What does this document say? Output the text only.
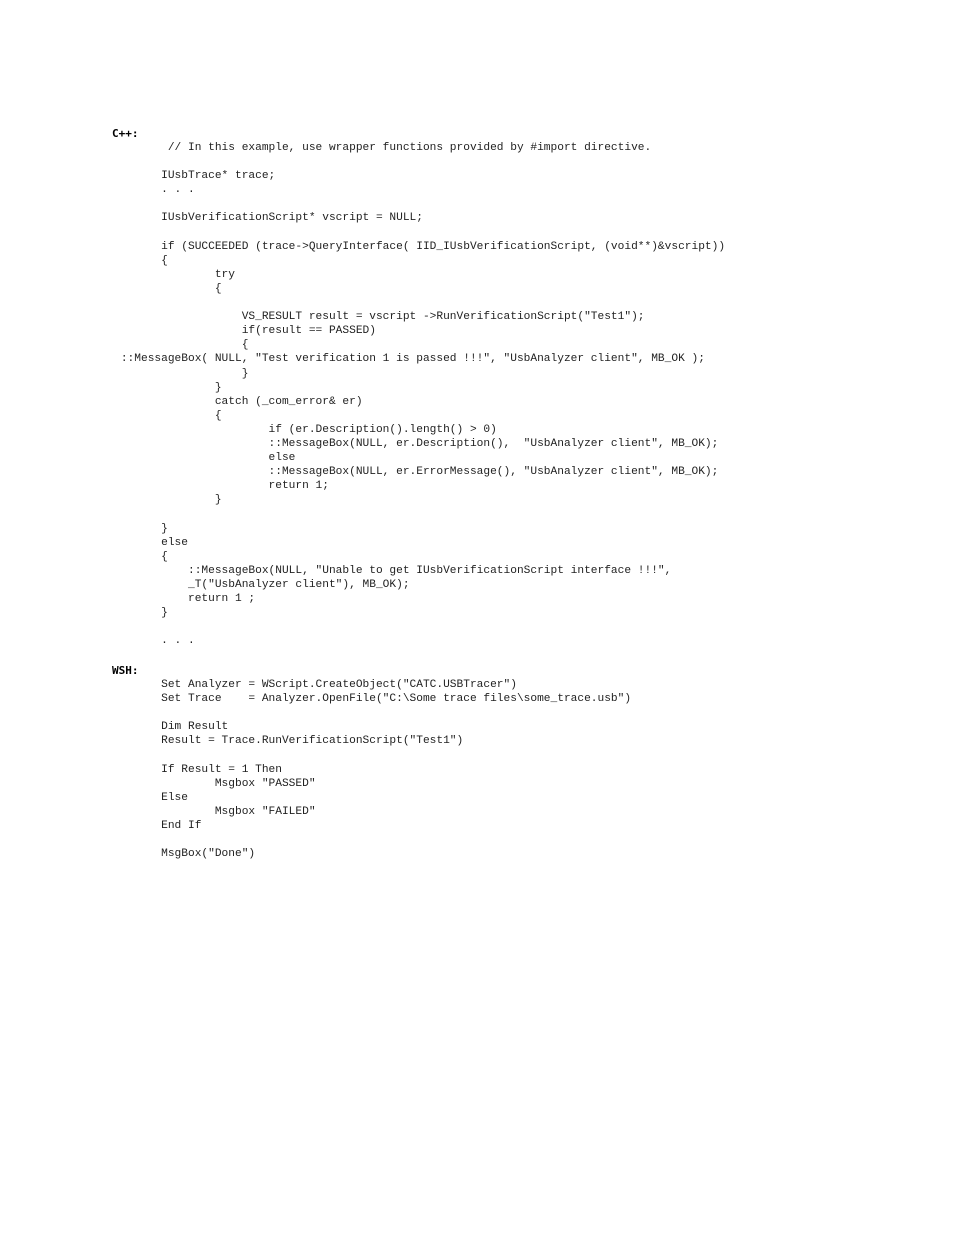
C++:
// In this example, use wrapper functions provided by #import directive.

IUsbTrace* trace;
. . .

IUsbVerificationScript* vscript = NULL;

if (SUCCEEDED (trace->QueryInterface( IID_IUsbVerificationScript, (void**)&vscript))
{
try
{

VS_RESULT result = vscript ->RunVerificationScript("Test1");
if(result == PASSED)
{
::MessageBox( NULL, "Test verification 1 is passed !!!", "UsbAnalyzer client", MB_OK );
}
}
catch (_com_error& er)
{
if (er.Description().length() > 0)
::MessageBox(NULL, er.Description(),  "UsbAnalyzer client", MB_OK);
else
::MessageBox(NULL, er.ErrorMessage(), "UsbAnalyzer client", MB_OK);
return 1;
}

}
else
{
::MessageBox(NULL, "Unable to get IUsbVerificationScript interface !!!",
_T("UsbAnalyzer client"), MB_OK);
return 1 ;
}

. . .
WSH:
Set Analyzer = WScript.CreateObject("CATC.USBTracer")
Set Trace    = Analyzer.OpenFile("C:\Some trace files\some_trace.usb")

Dim Result
Result = Trace.RunVerificationScript("Test1")

If Result = 1 Then
Msgbox "PASSED"
Else
Msgbox "FAILED"
End If

MsgBox("Done")
